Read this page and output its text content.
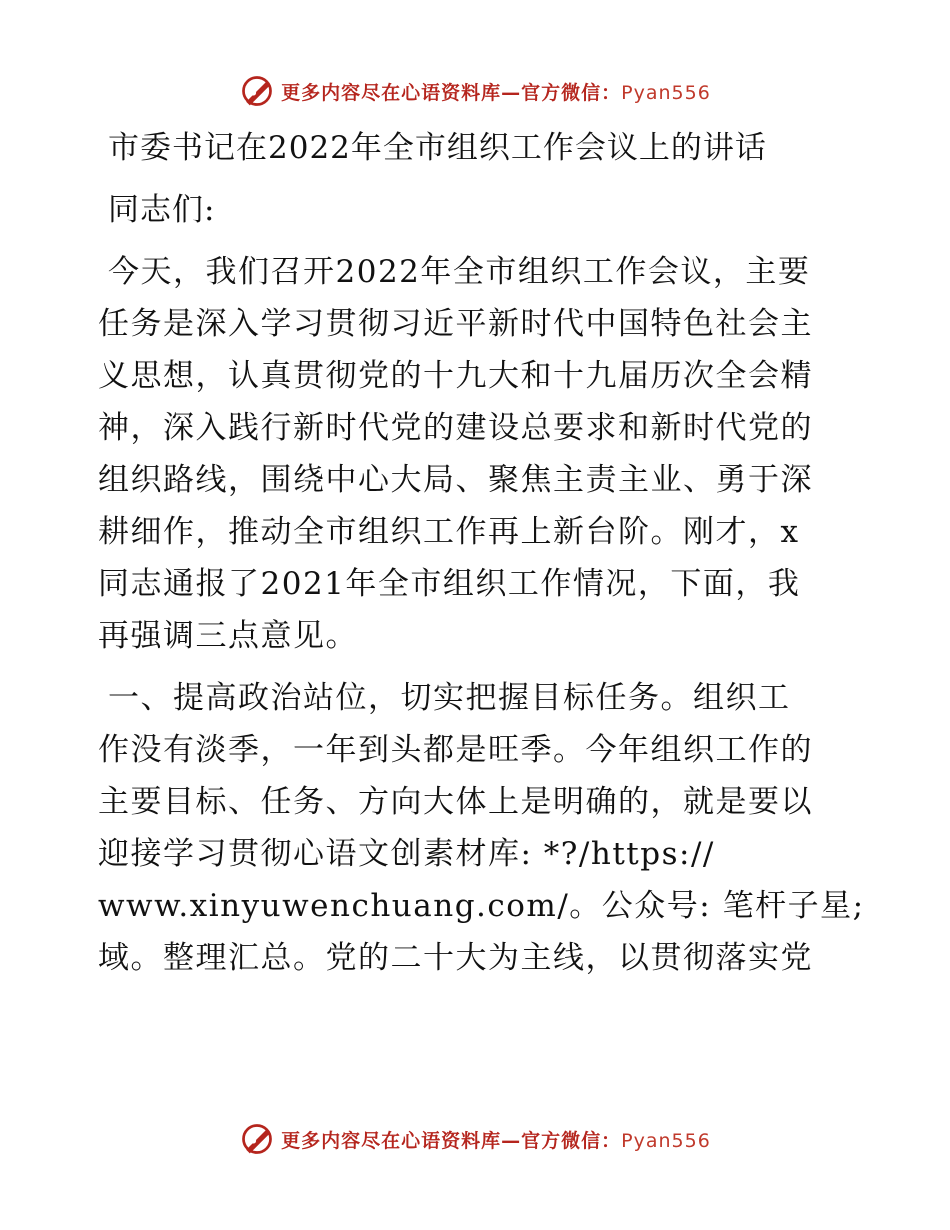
更多内容尽在心语资料库—官方微信：Pyan556
市委书记在2022年全市组织工作会议上的讲话
同志们:
今天，我们召开2022年全市组织工作会议，主要
任务是深入学习贯彻习近平新时代中国特色社会主
义思想，认真贯彻党的十九大和十九届历次全会精
神，深入践行新时代党的建设总要求和新时代党的
组织路线，围绕中心大局、聚焦主责主业、勇于深
耕细作，推动全市组织工作再上新台阶。刚才，x
同志通报了2021年全市组织工作情况，下面，我
再强调三点意见。
一、提高政治站位，切实把握目标任务。组织工
作没有淡季，一年到头都是旺季。今年组织工作的
主要目标、任务、方向大体上是明确的，就是要以
迎接学习贯彻心语文创素材库: *?/https://
www.xinyuwenchuang.com/。公众号: 笔杆子星;
域。整理汇总。党的二十大为主线，以贯彻落实党
更多内容尽在心语资料库—官方微信：Pyan556
